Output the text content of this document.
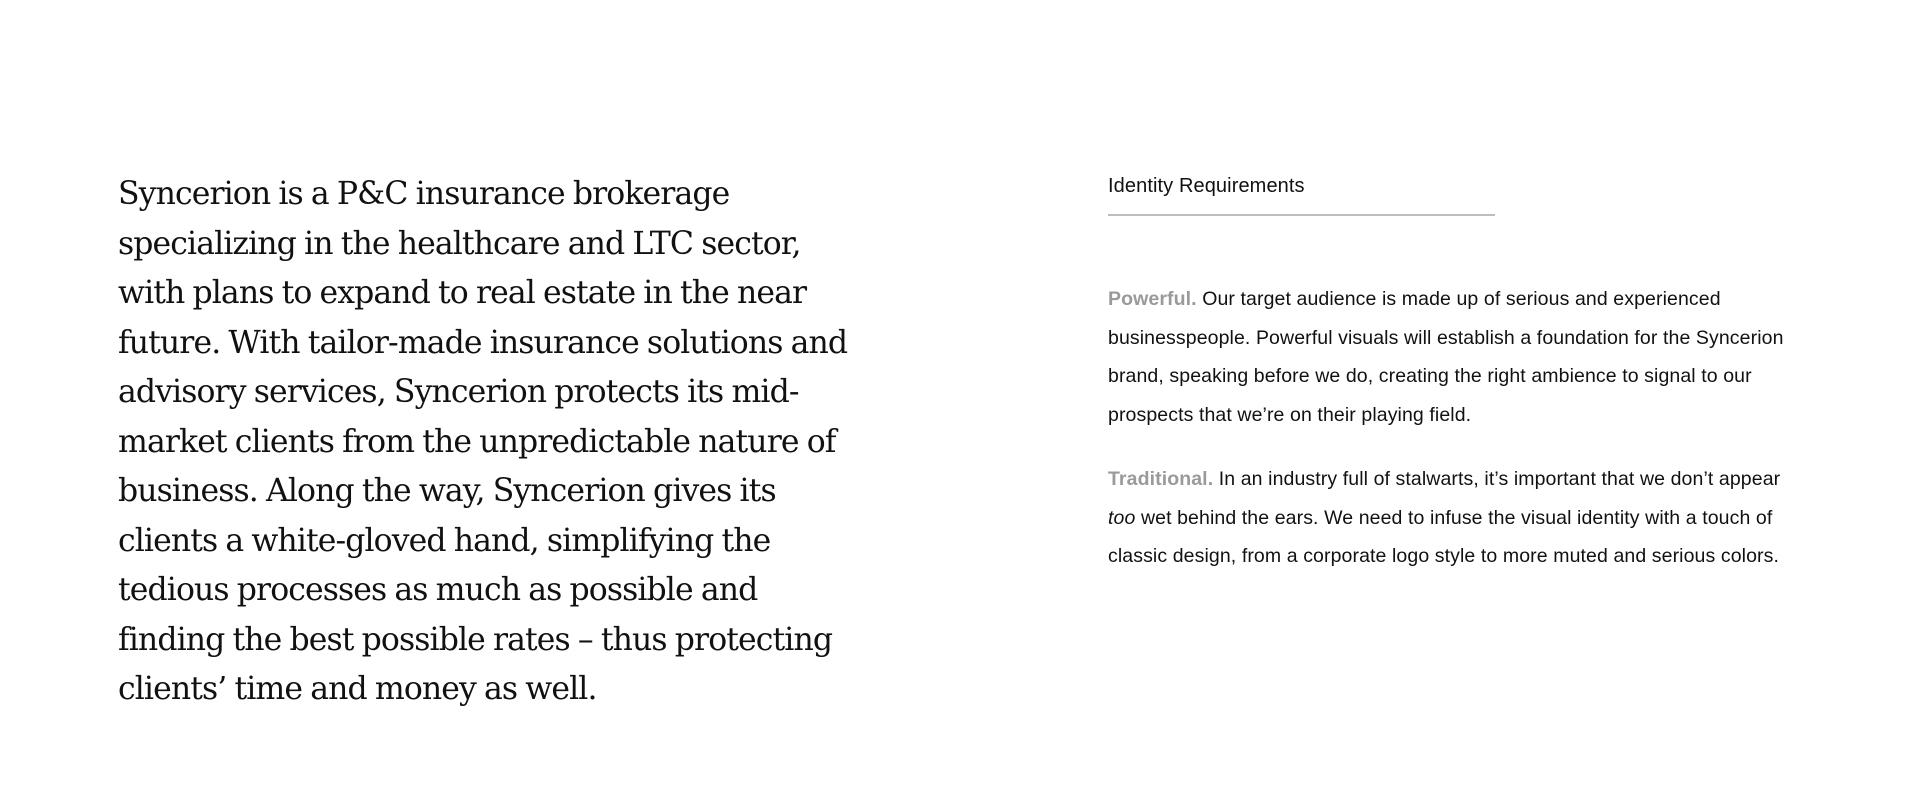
Syncerion is a P&C insurance brokerage specializing in the healthcare and LTC sector, with plans to expand to real estate in the near future. With tailor-made insurance solutions and advisory services, Syncerion protects its mid-market clients from the unpredictable nature of business. Along the way, Syncerion gives its clients a white-gloved hand, simplifying the tedious processes as much as possible and finding the best possible rates – thus protecting clients’ time and money as well.

Identity Requirements

Powerful. Our target audience is made up of serious and experienced businesspeople. Powerful visuals will establish a foundation for the Syncerion brand, speaking before we do, creating the right ambience to signal to our prospects that we’re on their playing field.

Traditional. In an industry full of stalwarts, it’s important that we don’t appear too wet behind the ears. We need to infuse the visual identity with a touch of classic design, from a corporate logo style to more muted and serious colors.
